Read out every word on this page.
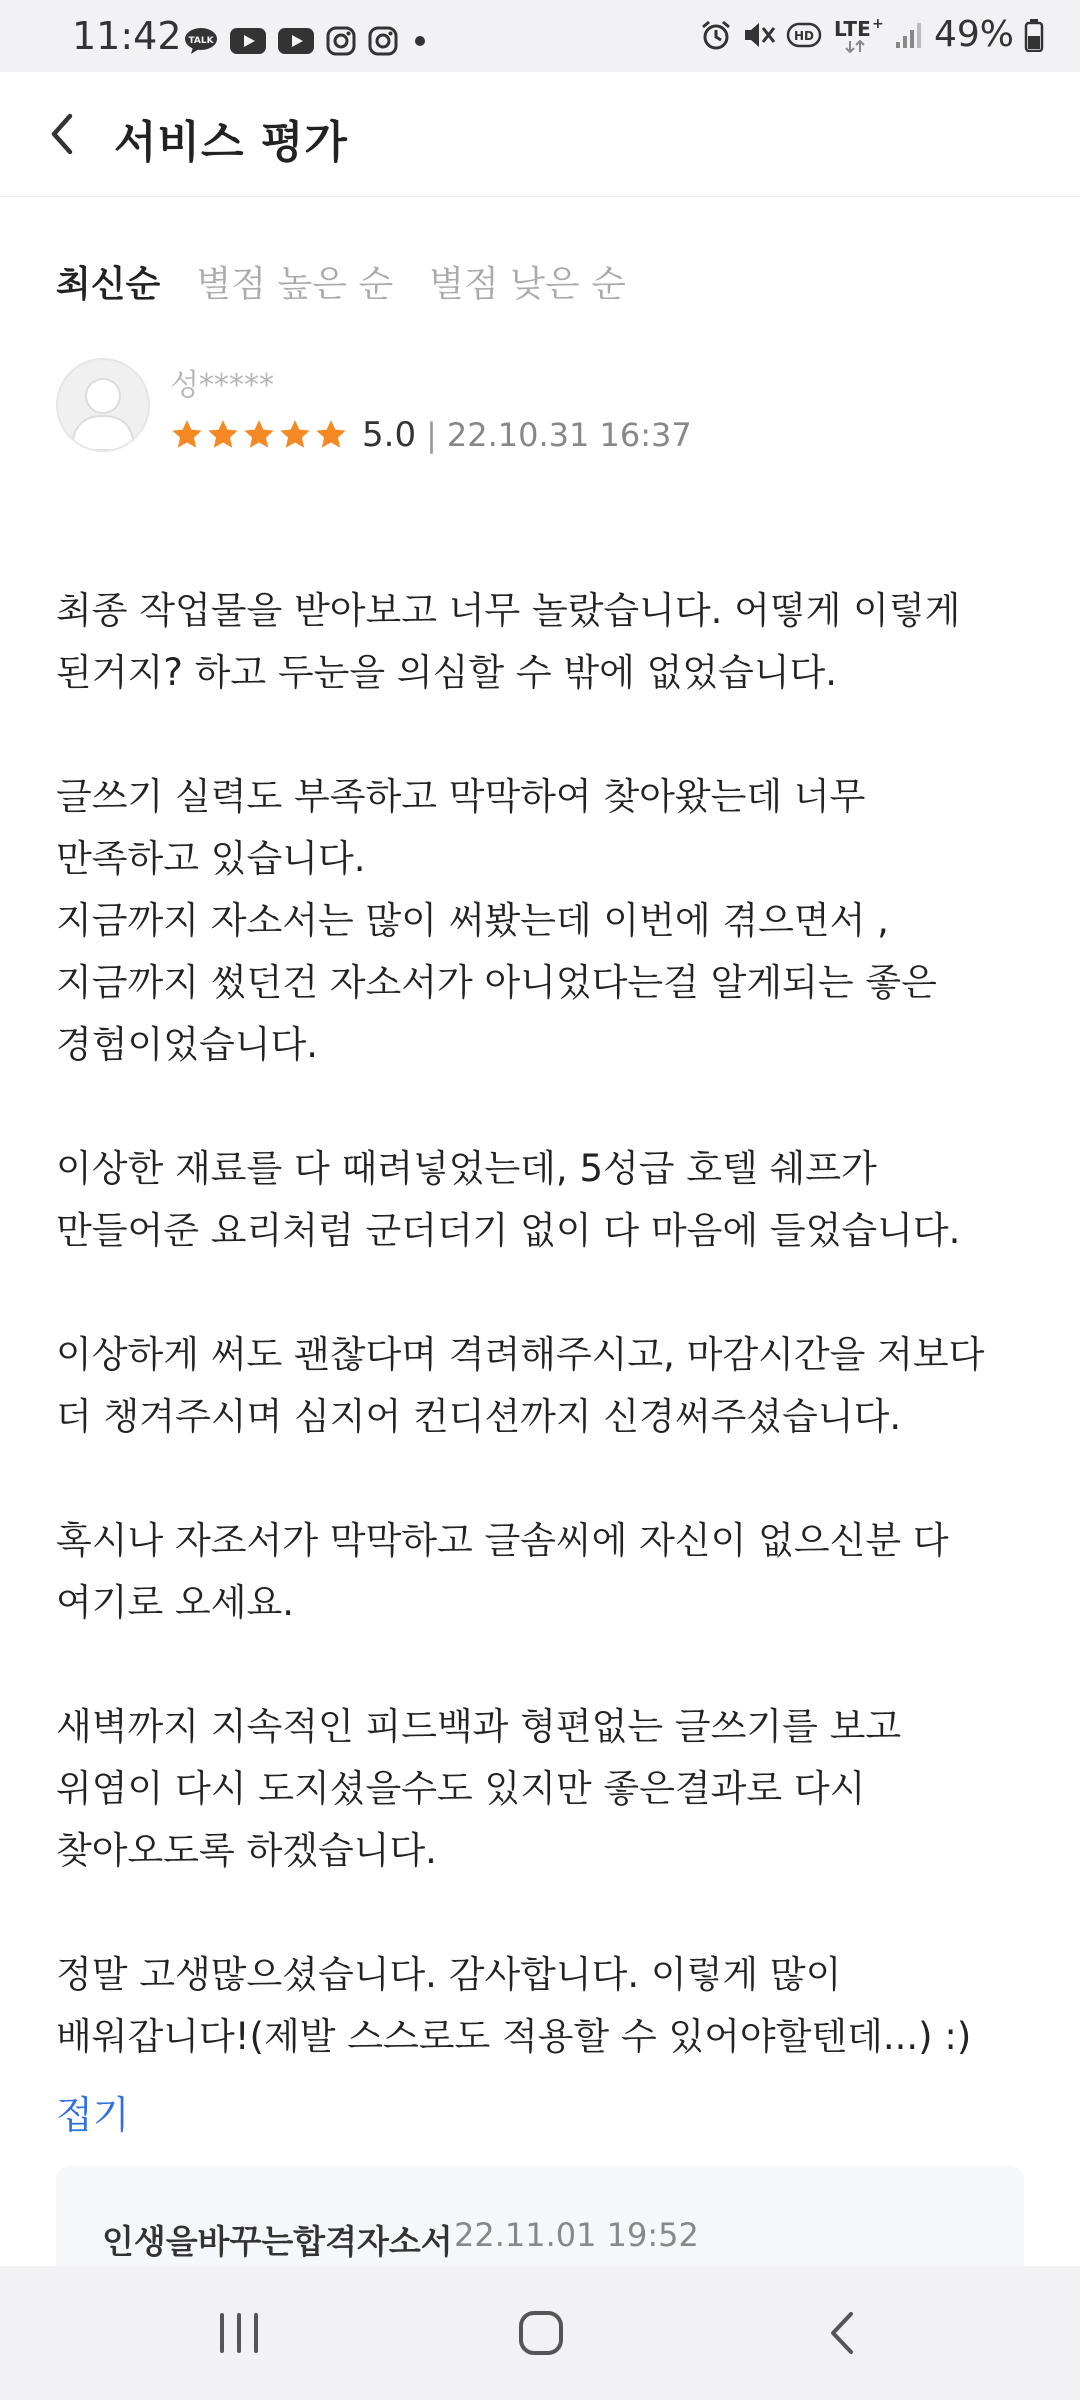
11:42 TALK	HD LTE + 49%
서비스 평가
최신순 별점 높은 순 별점 낮은 순
성*****
5.0 | 22.10.31 16:37
최종 작업물을 받아보고 너무 놀랐습니다. 어떻게 이렇게
된거지? 하고 두눈을 의심할 수 밖에 없었습니다.
글쓰기 실력도 부족하고 막막하여 찾아왔는데 너무
만족하고 있습니다.
지금까지 자소서는 많이 써봤는데 이번에 겪으면서 ,
지금까지 썼던건 자소서가 아니었다는걸 알게되는 좋은
경험이었습니다.
이상한 재료를 다 때려넣었는데, 5성급 호텔 쉐프가
만들어준 요리처럼 군더더기 없이 다 마음에 들었습니다.
이상하게 써도 괜찮다며 격려해주시고, 마감시간을 저보다
더 챙겨주시며 심지어 컨디션까지 신경써주셨습니다.
혹시나 자조서가 막막하고 글솜씨에 자신이 없으신분 다
여기로 오세요.
새벽까지 지속적인 피드백과 형편없는 글쓰기를 보고
위염이 다시 도지셨을수도 있지만 좋은결과로 다시
찾아오도록 하겠습니다.
정말 고생많으셨습니다. 감사합니다. 이렇게 많이
배워갑니다!(제발 스스로도 적용할 수 있어야할텐데...) :)
접기
인생을바꾸는합격자소서 22.11.01 19:52
